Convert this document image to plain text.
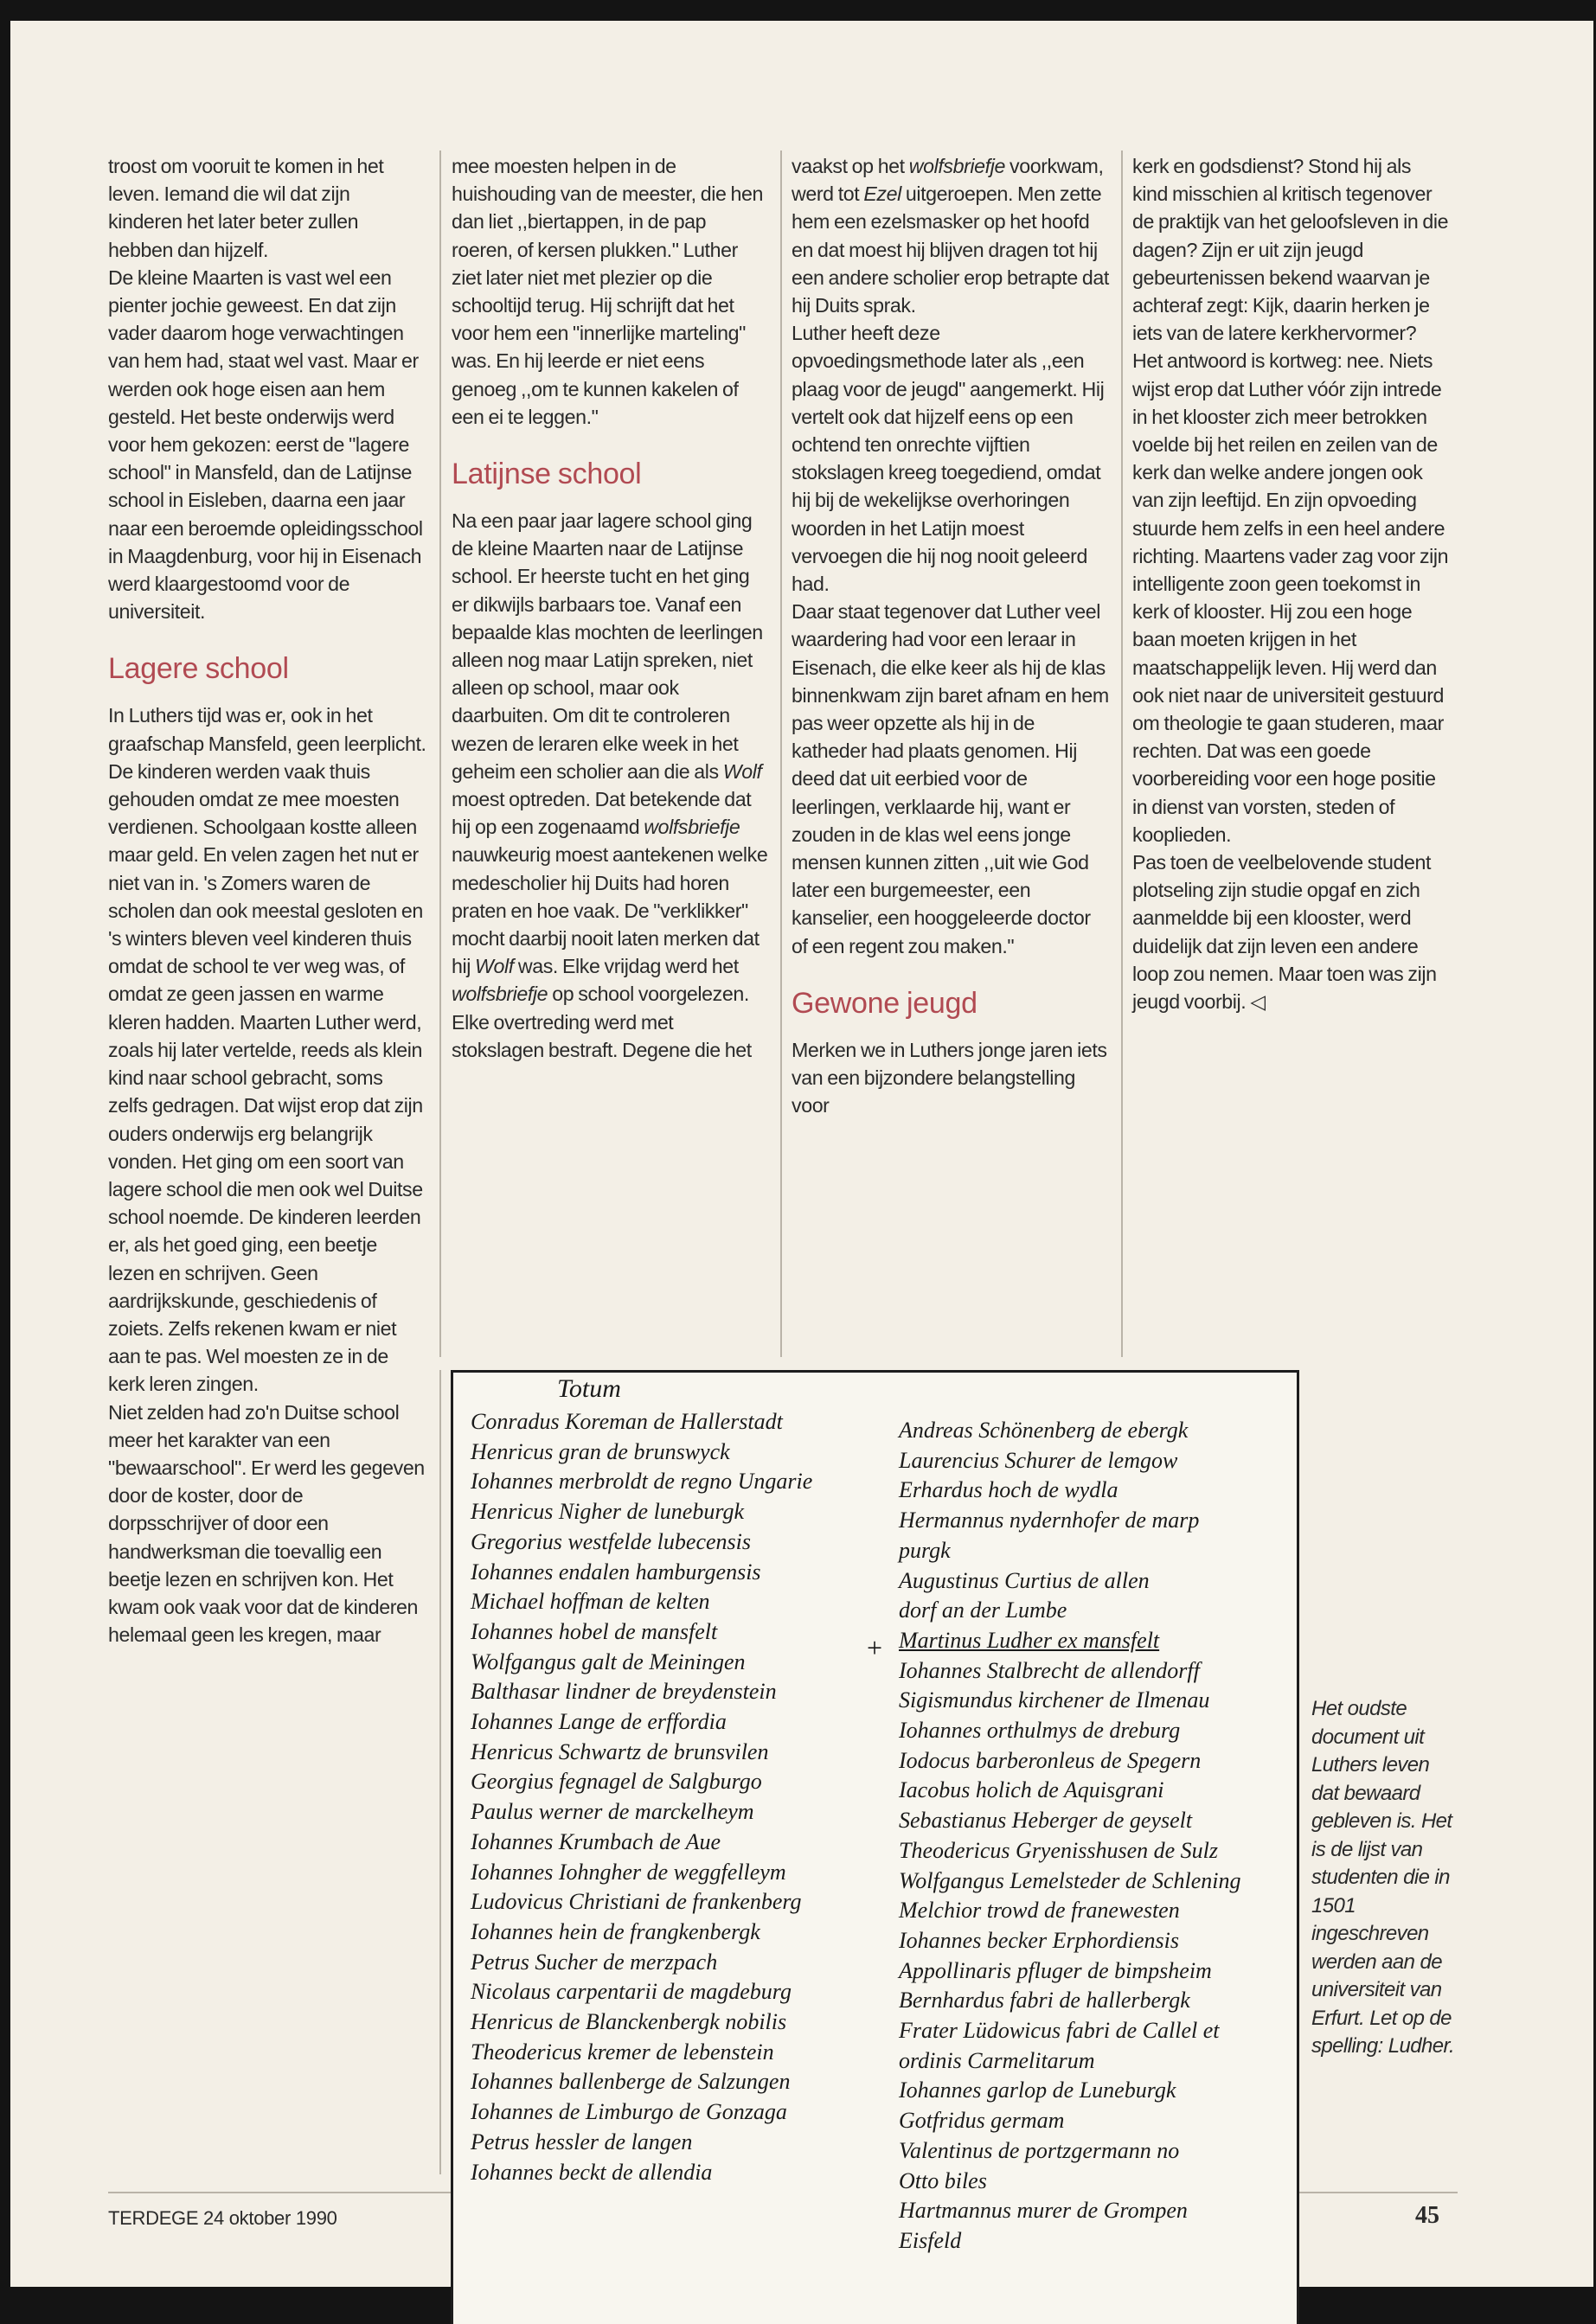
troost om vooruit te komen in het leven. Iemand die wil dat zijn kinderen het later beter zullen hebben dan hijzelf.

De kleine Maarten is vast wel een pienter jochie geweest. En dat zijn vader daarom hoge verwachtingen van hem had, staat wel vast. Maar er werden ook hoge eisen aan hem gesteld. Het beste onderwijs werd voor hem gekozen: eerst de "lagere school" in Mansfeld, dan de Latijnse school in Eisleben, daarna een jaar naar een beroemde opleidingsschool in Maagdenburg, voor hij in Eisenach werd klaargestoomd voor de universiteit.

Lagere school

In Luthers tijd was er, ook in het graafschap Mansfeld, geen leerplicht. De kinderen werden vaak thuis gehouden omdat ze mee moesten verdienen. Schoolgaan kostte alleen maar geld. En velen zagen het nut er niet van in. 's Zomers waren de scholen dan ook meestal gesloten en 's winters bleven veel kinderen thuis omdat de school te ver weg was, of omdat ze geen jassen en warme kleren hadden. Maarten Luther werd, zoals hij later vertelde, reeds als klein kind naar school gebracht, soms zelfs gedragen. Dat wijst erop dat zijn ouders onderwijs erg belangrijk vonden. Het ging om een soort van lagere school die men ook wel Duitse school noemde. De kinderen leerden er, als het goed ging, een beetje lezen en schrijven. Geen aardrijkskunde, geschiedenis of zoiets. Zelfs rekenen kwam er niet aan te pas. Wel moesten ze in de kerk leren zingen.

Niet zelden had zo'n Duitse school meer het karakter van een "bewaarschool". Er werd les gegeven door de koster, door de dorpsschrijver of door een handwerksman die toevallig een beetje lezen en schrijven kon. Het kwam ook vaak voor dat de kinderen helemaal geen les kregen, maar

mee moesten helpen in de huishouding van de meester, die hen dan liet ,,biertappen, in de pap roeren, of kersen plukken." Luther ziet later niet met plezier op die schooltijd terug. Hij schrijft dat het voor hem een "innerlijke marteling" was. En hij leerde er niet eens genoeg ,,om te kunnen kakelen of een ei te leggen."

Latijnse school

Na een paar jaar lagere school ging de kleine Maarten naar de Latijnse school. Er heerste tucht en het ging er dikwijls barbaars toe. Vanaf een bepaalde klas mochten de leerlingen alleen nog maar Latijn spreken, niet alleen op school, maar ook daarbuiten. Om dit te controleren wezen de leraren elke week in het geheim een scholier aan die als Wolf moest optreden. Dat betekende dat hij op een zogenaamd wolfsbriefje nauwkeurig moest aantekenen welke medescholier hij Duits had horen praten en hoe vaak. De "verklikker" mocht daarbij nooit laten merken dat hij Wolf was. Elke vrijdag werd het wolfsbriefje op school voorgelezen. Elke overtreding werd met stokslagen bestraft. Degene die het

vaakst op het wolfsbriefje voorkwam, werd tot Ezel uitgeroepen. Men zette hem een ezelsmasker op het hoofd en dat moest hij blijven dragen tot hij een andere scholier erop betrapte dat hij Duits sprak.

Luther heeft deze opvoedingsmethode later als ,,een plaag voor de jeugd" aangemerkt. Hij vertelt ook dat hijzelf eens op een ochtend ten onrechte vijftien stokslagen kreeg toegediend, omdat hij bij de wekelijkse overhoringen woorden in het Latijn moest vervoegen die hij nog nooit geleerd had.

Daar staat tegenover dat Luther veel waardering had voor een leraar in Eisenach, die elke keer als hij de klas binnenkwam zijn baret afnam en hem pas weer opzette als hij in de katheder had plaats genomen. Hij deed dat uit eerbied voor de leerlingen, verklaarde hij, want er zouden in de klas wel eens jonge mensen kunnen zitten ,,uit wie God later een burgemeester, een kanselier, een hooggeleerde doctor of een regent zou maken."

Gewone jeugd

Merken we in Luthers jonge jaren iets van een bijzondere belangstelling voor

kerk en godsdienst? Stond hij als kind misschien al kritisch tegenover de praktijk van het geloofsleven in die dagen? Zijn er uit zijn jeugd gebeurtenissen bekend waarvan je achteraf zegt: Kijk, daarin herken je iets van de latere kerkhervormer?

Het antwoord is kortweg: nee. Niets wijst erop dat Luther vóór zijn intrede in het klooster zich meer betrokken voelde bij het reilen en zeilen van de kerk dan welke andere jongen ook van zijn leeftijd. En zijn opvoeding stuurde hem zelfs in een heel andere richting. Maartens vader zag voor zijn intelligente zoon geen toekomst in kerk of klooster. Hij zou een hoge baan moeten krijgen in het maatschappelijk leven. Hij werd dan ook niet naar de universiteit gestuurd om theologie te gaan studeren, maar rechten. Dat was een goede voorbereiding voor een hoge positie in dienst van vorsten, steden of kooplieden.

Pas toen de veelbelovende student plotseling zijn studie opgaf en zich aanmeldde bij een klooster, werd duidelijk dat zijn leven een andere loop zou nemen. Maar toen was zijn jeugd voorbij. ◁

Totum
Conradus Koreman de Hallerstadt
Henricus gran de brunswyck
Iohannes merbroldt de regno Ungarie
Henricus Nigher de luneburgk
Gregorius westfelde lubecensis
Iohannes endalen hamburgensis
Michael hoffman de kelten
Iohannes hobel de mansfelt
Wolfgangus galt de Meiningen
Balthasar lindner de breydenstein
Iohannes Lange de erffordia
Henricus Schwartz de brunsvilen
Georgius fegnagel de Salgburgo
Paulus werner de marckelheym
Iohannes Krumbach de Aue
Iohannes Iohngher de weggfelleym
Ludovicus Christiani de frankenberg
Iohannes hein de frangkenbergk
Petrus Sucher de merzpach
Nicolaus carpentarii de magdeburg
Henricus de Blanckenbergk nobilis
Theodericus kremer de lebenstein
Iohannes ballenberge de Salzungen
Iohannes de Limburgo de Gonzaga
Petrus hessler de langen
Iohannes beckt de allendia
Andreas Schönenberg de ebergk
Laurencius Schurer de lemgow
Erhardus hoch de wydla
Hermannus nydernhofer de marp
purgk
Augustinus Curtius de allen
dorf an der Lumbe
Martinus Ludher ex mansfelt
Iohannes Stalbrecht de allendorff
Sigismundus kirchener de Ilmenau
Iohannes orthulmys de dreburg
Iodocus barberonleus de Spegern
Iacobus holich de Aquisgrani
Sebastianus Heberger de geyselt
Theodericus Gryenisshusen de Sulz
Wolfgangus Lemelsteder de Schlening
Melchior trowd de franewesten
Iohannes becker Erphordiensis
Appollinaris pfluger de bimpsheim
Bernhardus fabri de hallerbergk
Frater Lüdowicus fabri de Callel et
ordinis Carmelitarum
Iohannes garlop de Luneburgk
Gotfridus germam
Valentinus de portzgermann no
Otto biles
Hartmannus murer de Grompen
Eisfeld
+

Het oudste document uit Luthers leven dat bewaard gebleven is. Het is de lijst van studenten die in 1501 ingeschreven werden aan de universiteit van Erfurt. Let op de spelling: Ludher.

TERDEGE 24 oktober 1990	45
